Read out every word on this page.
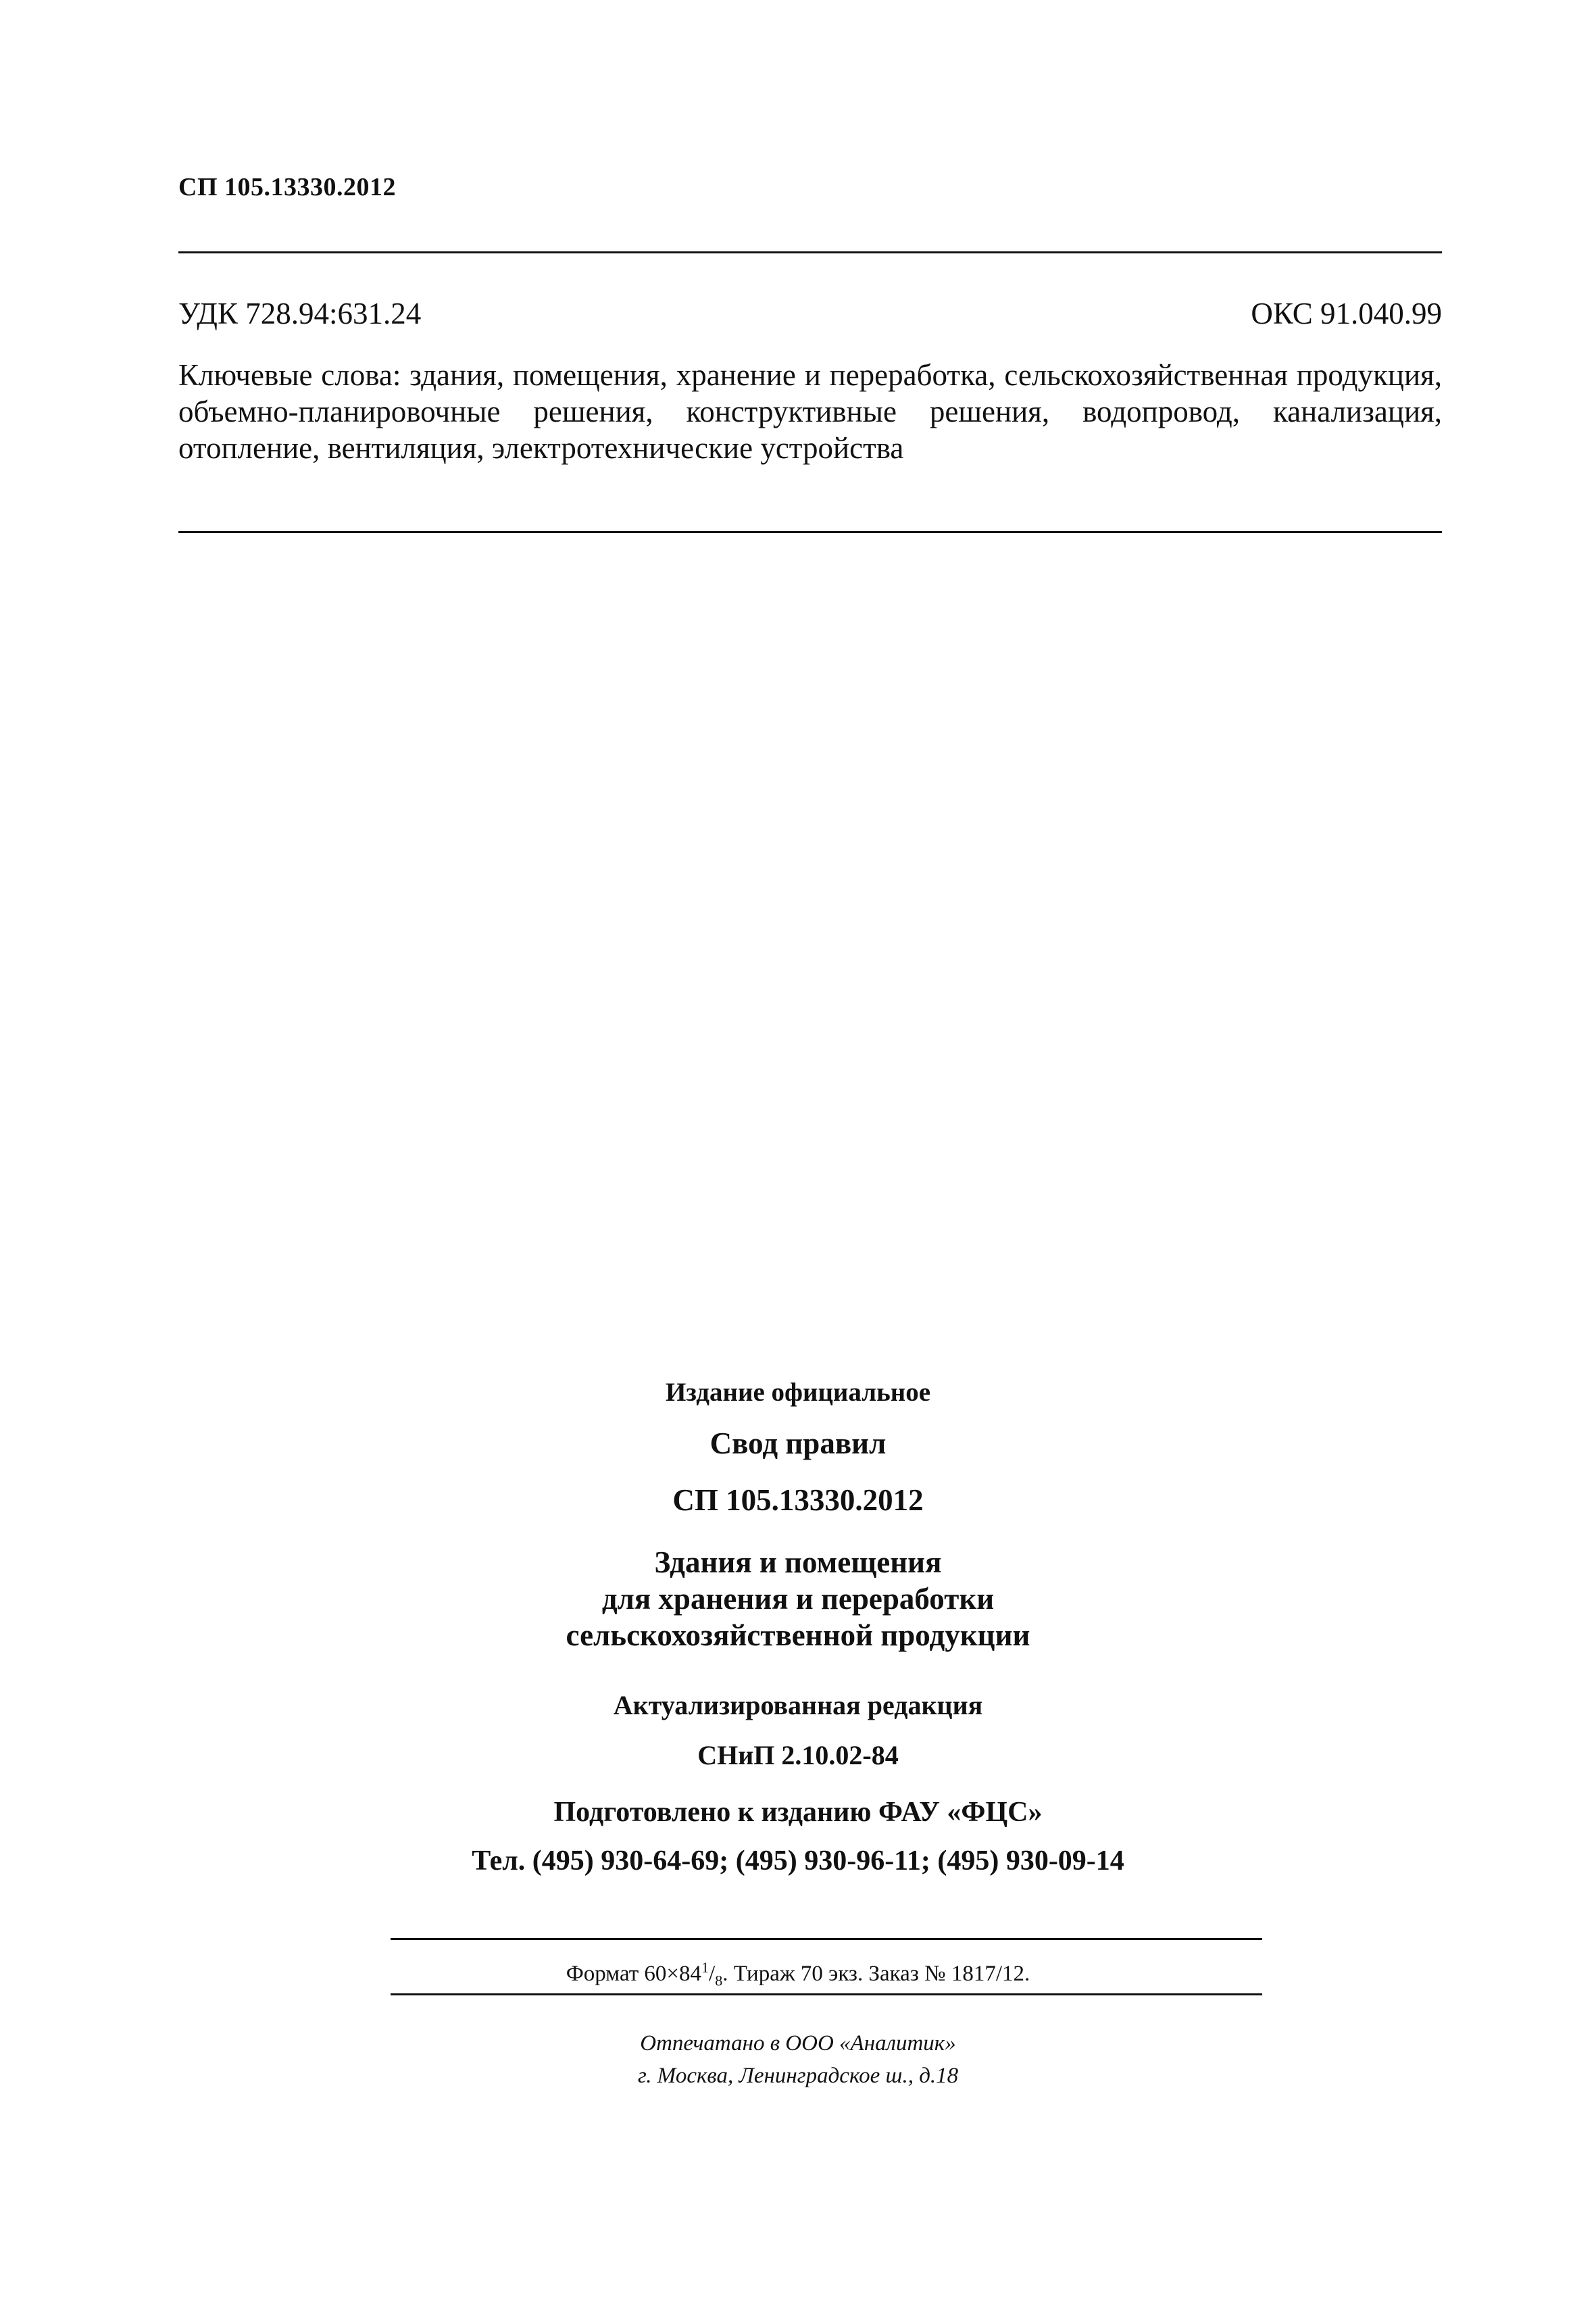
СП 105.13330.2012
УДК 728.94:631.24	ОКС 91.040.99
Ключевые слова: здания, помещения, хранение и переработка, сельскохозяйственная продукция, объемно-планировочные решения, конструктивные решения, водопровод, канализация, отопление, вентиляция, электротехнические устройства
Издание официальное
Свод правил
СП 105.13330.2012
Здания и помещения
для хранения и переработки
сельскохозяйственной продукции
Актуализированная редакция
СНиП 2.10.02-84
Подготовлено к изданию ФАУ «ФЦС»
Тел. (495) 930-64-69; (495) 930-96-11; (495) 930-09-14
Формат $60\times 84^1/_8$. Тираж 70 экз. Заказ № 1817/12.
Отпечатано в ООО «Аналитик»
г. Москва, Ленинградское ш., д.18
